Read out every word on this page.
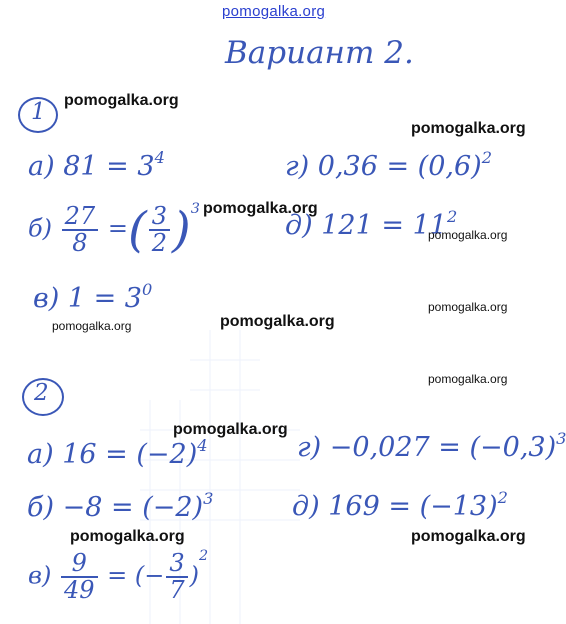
pomogalka.org
Вариант 2.
1
а) $81 = 3^4$
$б) \frac{27}{8}$ =( $\frac{3}{2} )^3$
в) $1 = 3^0$
г) $0,36 = (0,6)^2$
д) $121 = 11^2$
2
а) $16 = (-2)^4$
$б) -8 = (-2)^3$
$в) \frac{9}{49}$ = (− $\frac{3}{7} )^2$
$г) -0,027 = (-0,3)^3$
д) $169 = (-13)^2$
pomogalka.org
pomogalka.org
pomogalka.org
pomogalka.org
pomogalka.org
pomogalka.org
pomogalka.org
pomogalka.org
pomogalka.org
pomogalka.org	pomogalka.org
